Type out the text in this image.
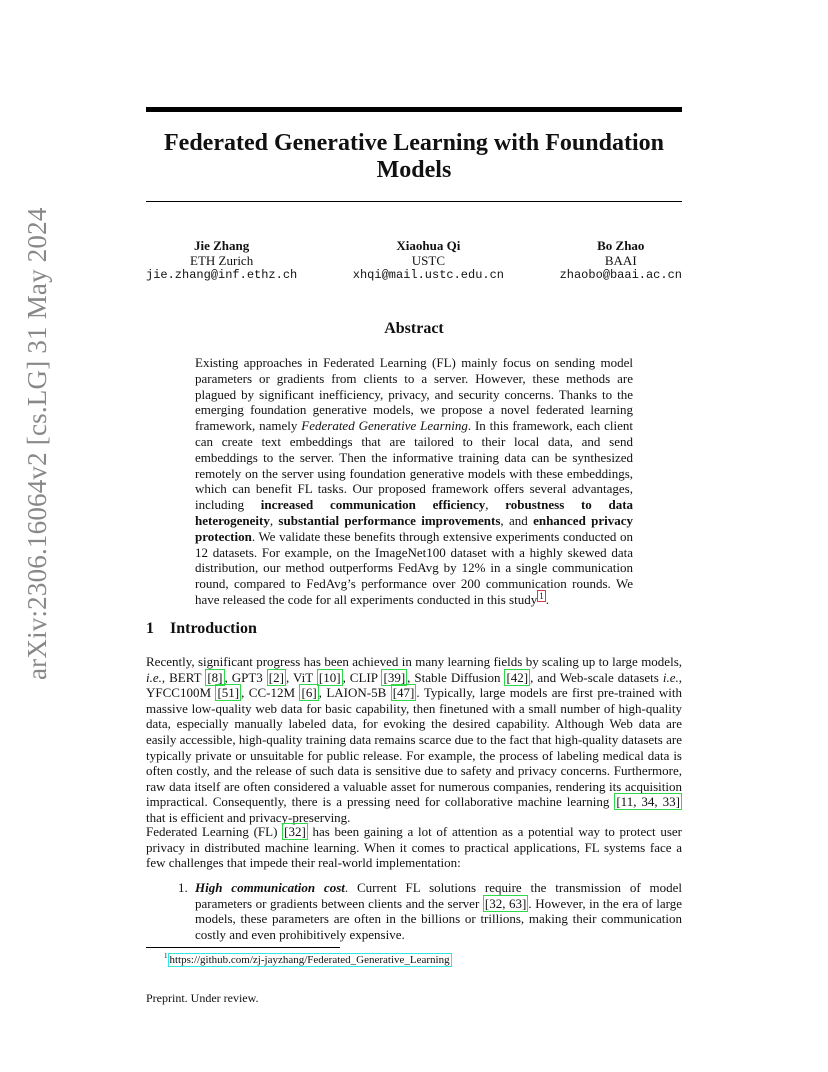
arXiv:2306.16064v2 [cs.LG] 31 May 2024
Federated Generative Learning with Foundation
Models
Jie Zhang
ETH Zurich
jie.zhang@inf.ethz.ch
Xiaohua Qi
USTC
xhqi@mail.ustc.edu.cn
Bo Zhao
BAAI
zhaobo@baai.ac.cn
Abstract
Existing approaches in Federated Learning (FL) mainly focus on sending model parameters or gradients from clients to a server. However, these methods are plagued by significant inefficiency, privacy, and security concerns. Thanks to the emerging foundation generative models, we propose a novel federated learning framework, namely Federated Generative Learning. In this framework, each client can create text embeddings that are tailored to their local data, and send embeddings to the server. Then the informative training data can be synthesized remotely on the server using foundation generative models with these embeddings, which can benefit FL tasks. Our proposed framework offers several advantages, including increased communication efficiency, robustness to data heterogeneity, substantial performance improvements, and enhanced privacy protection. We validate these benefits through extensive experiments conducted on 12 datasets. For example, on the ImageNet100 dataset with a highly skewed data distribution, our method outperforms FedAvg by 12% in a single communication round, compared to FedAvg’s performance over 200 communication rounds. We have released the code for all experiments conducted in this study $^1$ .
1 Introduction
Recently, significant progress has been achieved in many learning fields by scaling up to large models, i.e., BERT [8] , GPT3 [2] , ViT [10] , CLIP [39] , Stable Diffusion [42] , and Web-scale datasets i.e., YFCC100M [51] , CC-12M [6] , LAION-5B [47] . Typically, large models are first pre-trained with massive low-quality web data for basic capability, then finetuned with a small number of high-quality data, especially manually labeled data, for evoking the desired capability. Although Web data are easily accessible, high-quality training data remains scarce due to the fact that high-quality datasets are typically private or unsuitable for public release. For example, the process of labeling medical data is often costly, and the release of such data is sensitive due to safety and privacy concerns. Furthermore, raw data itself are often considered a valuable asset for numerous companies, rendering its acquisition impractical. Consequently, there is a pressing need for collaborative machine learning [11, 34, 33] that is efficient and privacy-preserving.
Federated Learning (FL) [32] has been gaining a lot of attention as a potential way to protect user privacy in distributed machine learning. When it comes to practical applications, FL systems face a few challenges that impede their real-world implementation:
1. High communication cost. Current FL solutions require the transmission of model parameters or gradients between clients and the server [32, 63] . However, in the era of large models, these parameters are often in the billions or trillions, making their communication costly and even prohibitively expensive.
$^1$ https://github.com/zj-jayzhang/Federated_Generative_Learning
Preprint. Under review.
